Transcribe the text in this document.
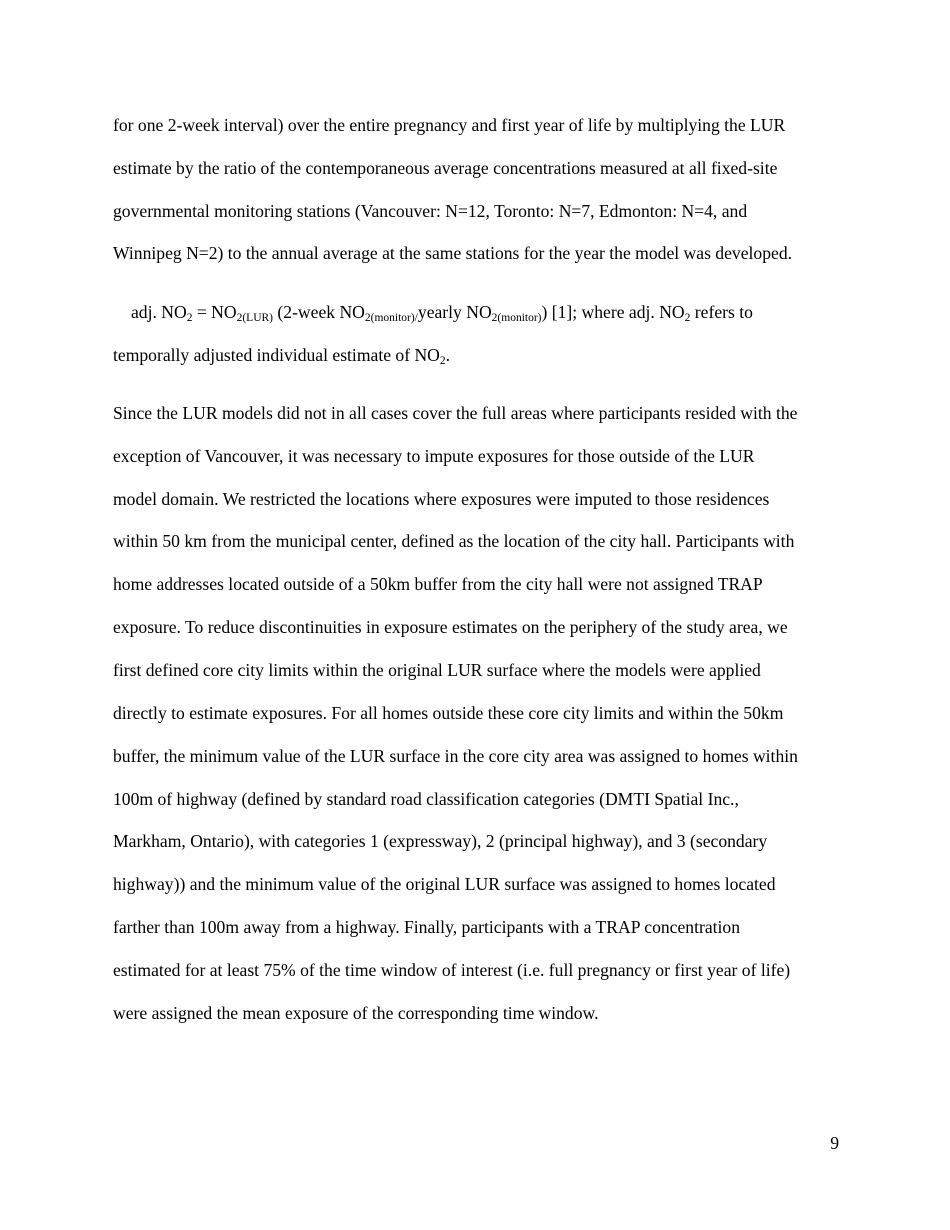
for one 2-week interval) over the entire pregnancy and first year of life by multiplying the LUR
estimate by the ratio of the contemporaneous average concentrations measured at all fixed-site
governmental monitoring stations (Vancouver: N=12, Toronto: N=7, Edmonton: N=4, and
Winnipeg N=2) to the annual average at the same stations for the year the model was developed.
adj. $NO_2 = NO_{2(LUR)}$ (2-week $NO_{2(monitor)/}yearly$ $NO_{2(monitor)}$) [1]; where adj. $NO_2$ refers to
temporally adjusted individual estimate of $NO_2$.
Since the LUR models did not in all cases cover the full areas where participants resided with the
exception of Vancouver, it was necessary to impute exposures for those outside of the LUR
model domain. We restricted the locations where exposures were imputed to those residences
within 50 km from the municipal center, defined as the location of the city hall. Participants with
home addresses located outside of a 50km buffer from the city hall were not assigned TRAP
exposure. To reduce discontinuities in exposure estimates on the periphery of the study area, we
first defined core city limits within the original LUR surface where the models were applied
directly to estimate exposures. For all homes outside these core city limits and within the 50km
buffer, the minimum value of the LUR surface in the core city area was assigned to homes within
100m of highway (defined by standard road classification categories (DMTI Spatial Inc.,
Markham, Ontario), with categories 1 (expressway), 2 (principal highway), and 3 (secondary
highway)) and the minimum value of the original LUR surface was assigned to homes located
farther than 100m away from a highway. Finally, participants with a TRAP concentration
estimated for at least 75% of the time window of interest (i.e. full pregnancy or first year of life)
were assigned the mean exposure of the corresponding time window.
9
